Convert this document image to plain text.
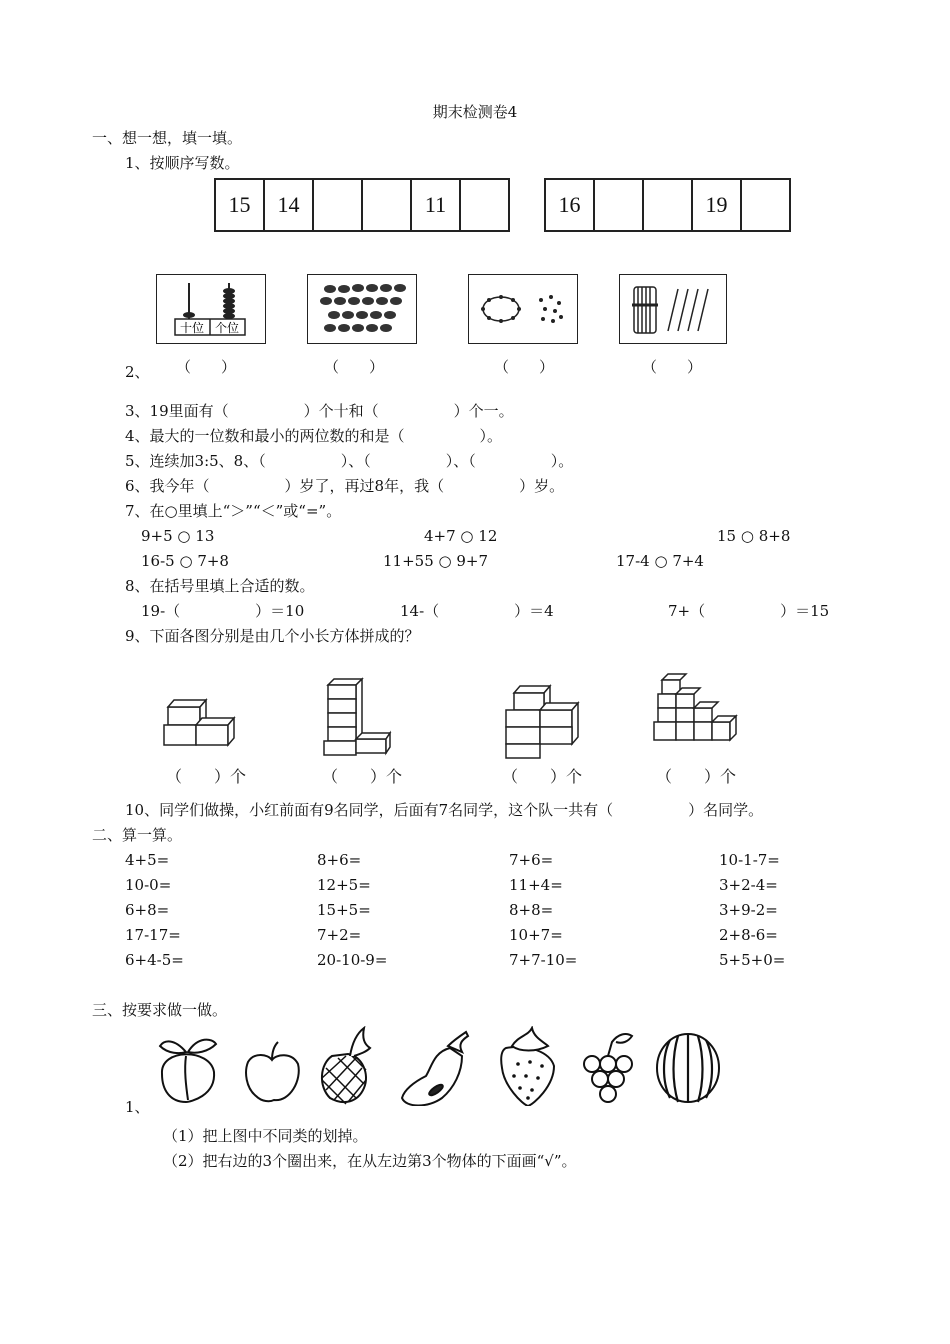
期末检测卷4
一、想一想，填一填。
1、按顺序写数。
15	14	11	16	19
十位 个位
2、 （　　）	（　　）	（　　）	（　　）
3、19里面有（　　　　　）个十和（　　　　　）个一。
4、最大的一位数和最小的两位数的和是（　　　　　）。
5、连续加3:5、8、（　　　　　）、（　　　　　）、（　　　　　）。
6、我今年（　　　　　）岁了，再过8年，我（　　　　　）岁。
7、在○里填上“＞”“＜”或“=”。
9+5 ○ 13	4+7 ○ 12	15 ○ 8+8
16-5 ○ 7+8	11+55 ○ 9+7	17-4 ○ 7+4
8、在括号里填上合适的数。
19-（　　　　　）＝10	14-（　　　　　）＝4	7+（　　　　　）＝15
9、下面各图分别是由几个小长方体拼成的？
（　　）个	（　　）个	（　　）个	（　　）个
10、同学们做操，小红前面有9名同学，后面有7名同学，这个队一共有（　　　　　）名同学。
二、算一算。
4+5=	8+6=	7+6=	10-1-7=
10-0=	12+5=	11+4=	3+2-4=
6+8=	15+5=	8+8=	3+9-2=
17-17=	7+2=	10+7=	2+8-6=
6+4-5=	20-10-9=	7+7-10=	5+5+0=
三、按要求做一做。
1、
（1）把上图中不同类的划掉。
（2）把右边的3个圈出来，在从左边第3个物体的下面画“√”。
